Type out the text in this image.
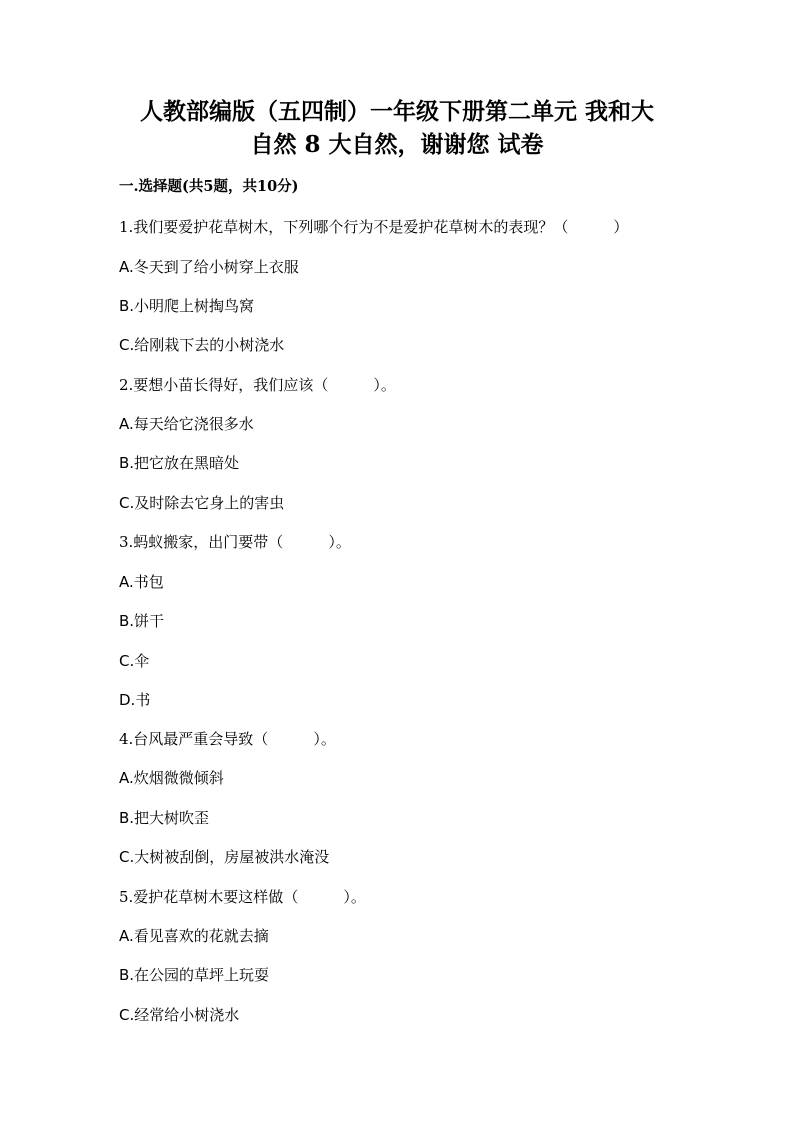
人教部编版（五四制）一年级下册第二单元 我和大
自然 8 大自然，谢谢您 试卷
一.选择题(共5题，共10分)
1.我们要爱护花草树木，下列哪个行为不是爱护花草树木的表现？（　　　）
A.冬天到了给小树穿上衣服
B.小明爬上树掏鸟窝
C.给刚栽下去的小树浇水
2.要想小苗长得好，我们应该（　　　）。
A.每天给它浇很多水
B.把它放在黑暗处
C.及时除去它身上的害虫
3.蚂蚁搬家，出门要带（　　　）。
A.书包
B.饼干
C.伞
D.书
4.台风最严重会导致（　　　）。
A.炊烟微微倾斜
B.把大树吹歪
C.大树被刮倒，房屋被洪水淹没
5.爱护花草树木要这样做（　　　）。
A.看见喜欢的花就去摘
B.在公园的草坪上玩耍
C.经常给小树浇水
